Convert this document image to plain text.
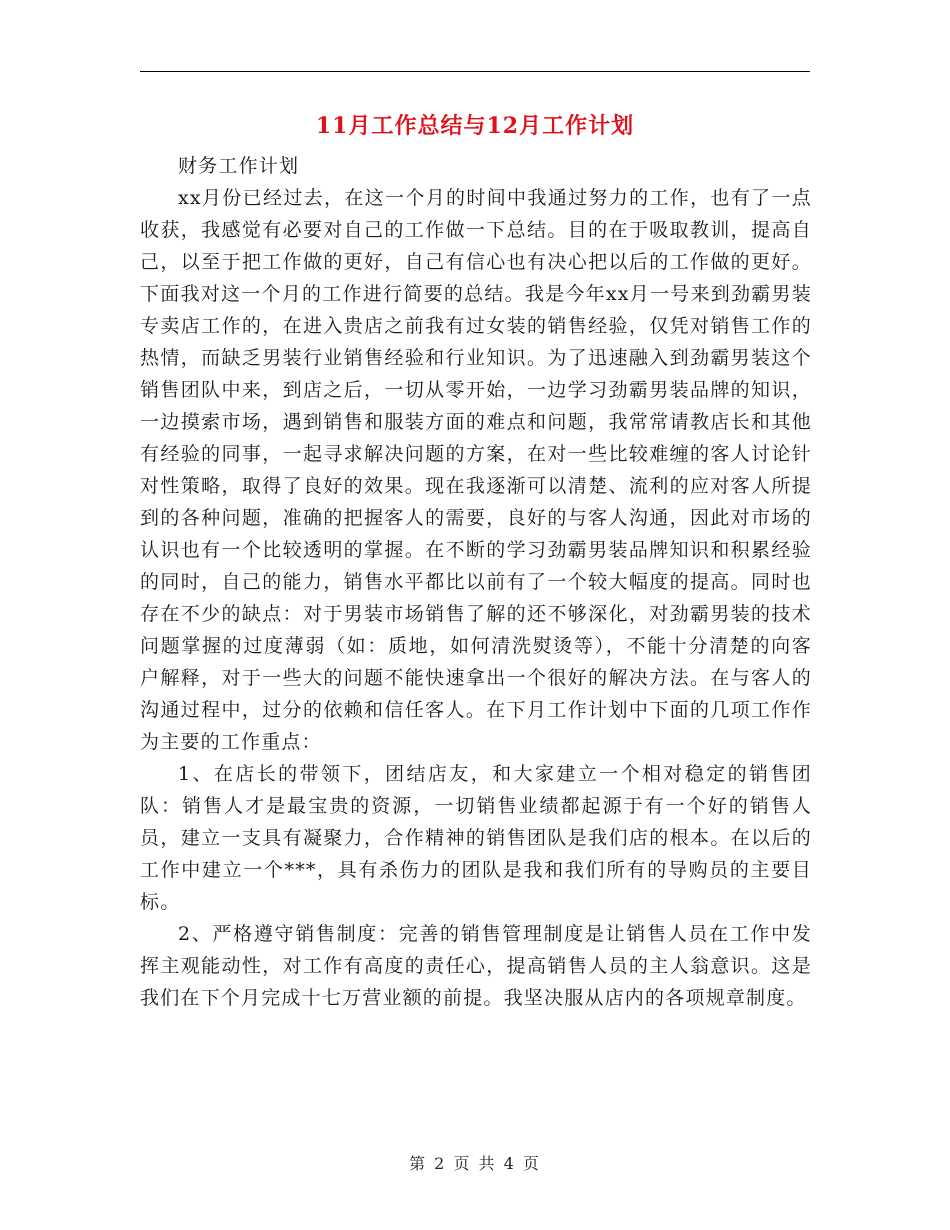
11月工作总结与12月工作计划

财务工作计划

xx月份已经过去，在这一个月的时间中我通过努力的工作，也有了一点收获，我感觉有必要对自己的工作做一下总结。目的在于吸取教训，提高自己，以至于把工作做的更好，自己有信心也有决心把以后的工作做的更好。下面我对这一个月的工作进行简要的总结。我是今年xx月一号来到劲霸男装专卖店工作的，在进入贵店之前我有过女装的销售经验，仅凭对销售工作的热情，而缺乏男装行业销售经验和行业知识。为了迅速融入到劲霸男装这个销售团队中来，到店之后，一切从零开始，一边学习劲霸男装品牌的知识，一边摸索市场，遇到销售和服装方面的难点和问题，我常常请教店长和其他有经验的同事，一起寻求解决问题的方案，在对一些比较难缠的客人讨论针对性策略，取得了良好的效果。现在我逐渐可以清楚、流利的应对客人所提到的各种问题，准确的把握客人的需要，良好的与客人沟通，因此对市场的认识也有一个比较透明的掌握。在不断的学习劲霸男装品牌知识和积累经验的同时，自己的能力，销售水平都比以前有了一个较大幅度的提高。同时也存在不少的缺点：对于男装市场销售了解的还不够深化，对劲霸男装的技术问题掌握的过度薄弱（如：质地，如何清洗熨烫等），不能十分清楚的向客户解释，对于一些大的问题不能快速拿出一个很好的解决方法。在与客人的沟通过程中，过分的依赖和信任客人。在下月工作计划中下面的几项工作作为主要的工作重点：

1、在店长的带领下，团结店友，和大家建立一个相对稳定的销售团队：销售人才是最宝贵的资源，一切销售业绩都起源于有一个好的销售人员，建立一支具有凝聚力，合作精神的销售团队是我们店的根本。在以后的工作中建立一个***，具有杀伤力的团队是我和我们所有的导购员的主要目标。

2、严格遵守销售制度：完善的销售管理制度是让销售人员在工作中发挥主观能动性，对工作有高度的责任心，提高销售人员的主人翁意识。这是我们在下个月完成十七万营业额的前提。我坚决服从店内的各项规章制度。

第 2 页 共 4 页
